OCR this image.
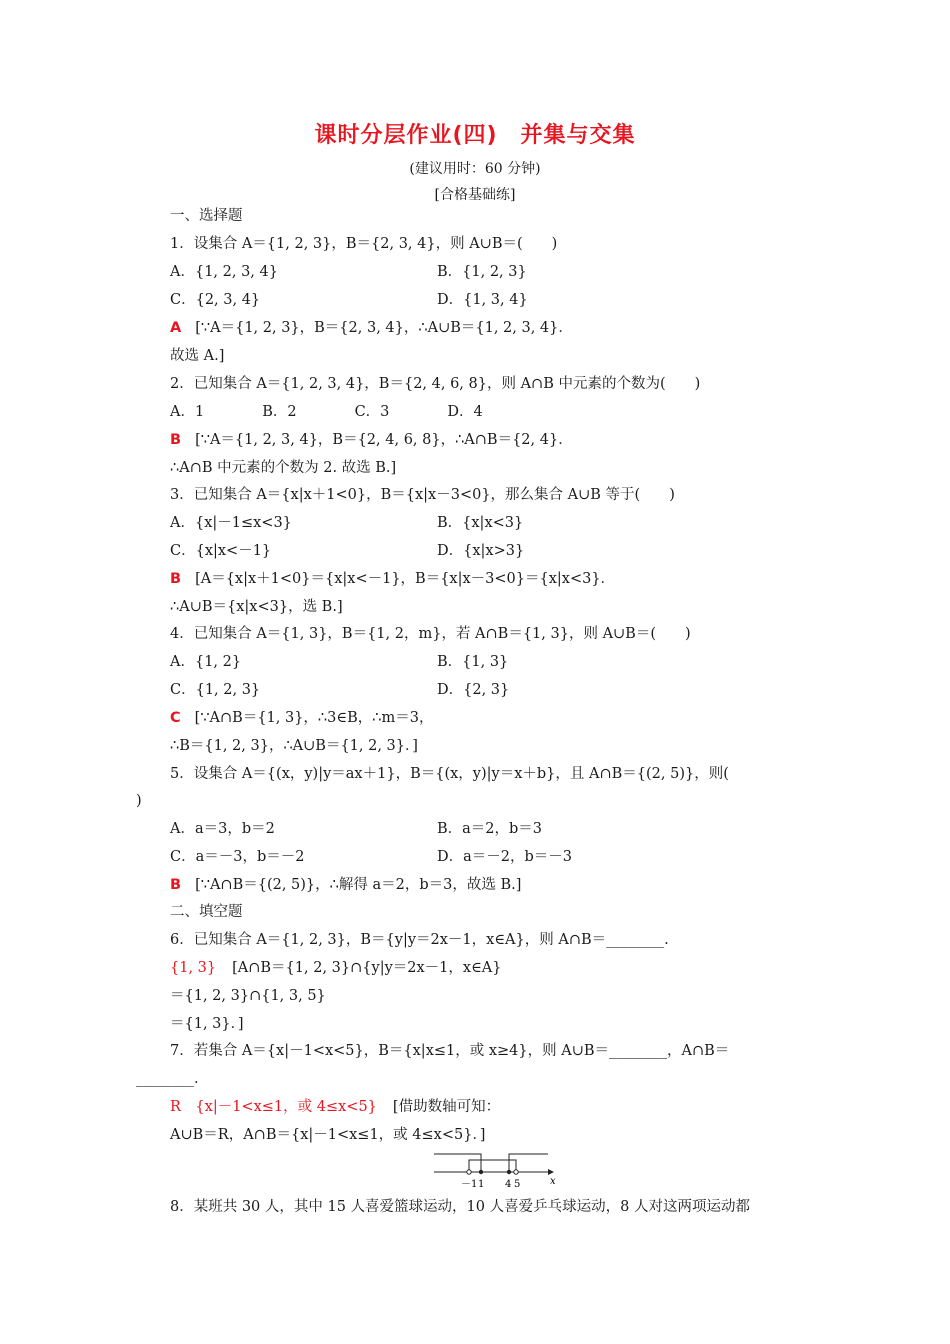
课时分层作业(四)　并集与交集
(建议用时：60 分钟)
[合格基础练]
一、选择题
1．设集合 A＝{1, 2, 3}，B＝{2, 3, 4}，则 A∪B＝(　　)
A．{1, 2, 3, 4}	B．{1, 2, 3}
C．{2, 3, 4}	D．{1, 3, 4}
A [∵A＝{1, 2, 3}，B＝{2, 3, 4}，∴A∪B＝{1, 2, 3, 4}．
故选 A.]
2．已知集合 A＝{1, 2, 3, 4}，B＝{2, 4, 6, 8}，则 A∩B 中元素的个数为(　　)
A．1　　　　B．2　　　　C．3　　　　D．4
B [∵A＝{1, 2, 3, 4}，B＝{2, 4, 6, 8}，∴A∩B＝{2, 4}．
∴A∩B 中元素的个数为 2. 故选 B.]
3．已知集合 A＝{x|x＋1<0}，B＝{x|x－3<0}，那么集合 A∪B 等于(　　)
A．{x|－1≤x<3}	B．{x|x<3}
C．{x|x<－1}	D．{x|x>3}
B [A＝{x|x＋1<0}＝{x|x<－1}，B＝{x|x－3<0}＝{x|x<3}．
∴A∪B＝{x|x<3}，选 B.]
4．已知集合 A＝{1, 3}，B＝{1, 2，m}，若 A∩B＝{1, 3}，则 A∪B＝(　　)
A．{1, 2}	B．{1, 3}
C．{1, 2, 3}	D．{2, 3}
C [∵A∩B＝{1, 3}，∴3∈B，∴m＝3，
∴B＝{1, 2, 3}，∴A∪B＝{1, 2, 3}．]
5．设集合 A＝{(x，y)|y＝ax＋1}，B＝{(x，y)|y＝x＋b}，且 A∩B＝{(2, 5)}，则(
)
A．a＝3，b＝2	B．a＝2，b＝3
C．a＝－3，b＝－2	D．a＝－2，b＝－3
B [∵A∩B＝{(2, 5)}，∴解得 a＝2，b＝3，故选 B.]
二、填空题
6．已知集合 A＝{1, 2, 3}，B＝{y|y＝2x－1，x∈A}，则 A∩B＝________.
{1, 3} [A∩B＝{1, 2, 3}∩{y|y＝2x－1，x∈A}
＝{1, 2, 3}∩{1, 3, 5}
＝{1, 3}．]
7．若集合 A＝{x|－1<x<5}，B＝{x|x≤1，或 x≥4}，则 A∪B＝________，A∩B＝
________.
R　{x|－1<x≤1，或 4≤x<5} [借助数轴可知：
A∪B＝R，A∩B＝{x|－1<x≤1，或 4≤x<5}．]
－1 1 4 5	x
8．某班共 30 人，其中 15 人喜爱篮球运动，10 人喜爱乒乓球运动，8 人对这两项运动都
